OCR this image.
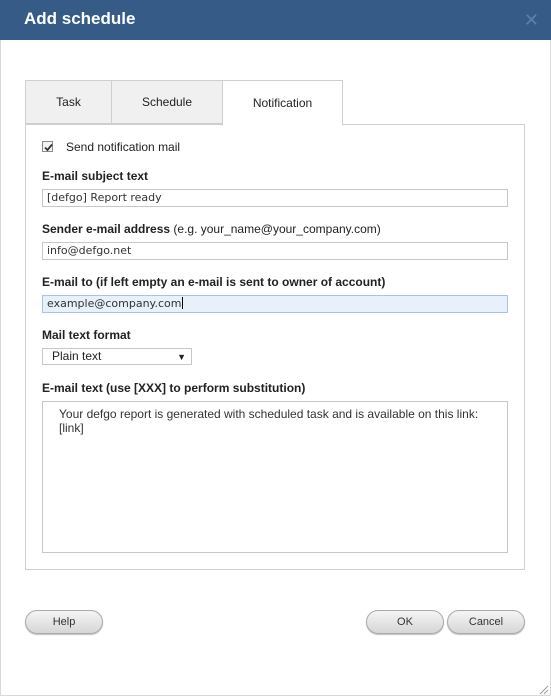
Add schedule	✕
Task	Schedule	Notification
Send notification mail
E-mail subject text
[defgo] Report ready
Sender e-mail address (e.g. your_name@your_company.com)
info@defgo.net
E-mail to (if left empty an e-mail is sent to owner of account)
example@company.com
Mail text format
Plain text	▼
E-mail text (use [XXX] to perform substitution)
Your defgo report is generated with scheduled task and is available on this link: [link]
Help	OK	Cancel
